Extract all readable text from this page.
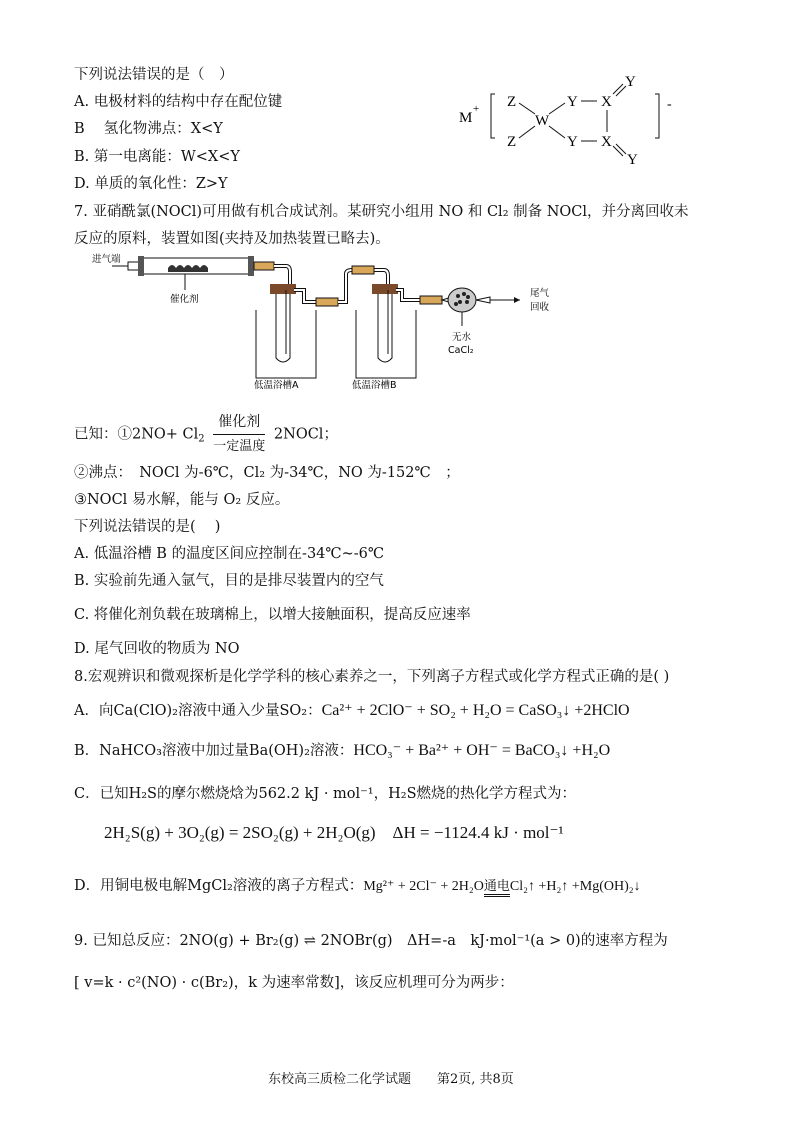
下列说法错误的是（　）
A. 电极材料的结构中存在配位键
B　 氢化物沸点：X<Y
B. 第一电离能：W<X<Y
D. 单质的氧化性：Z>Y
M
+	-
Z
Z
W
Y
Y
X
X
Y
Y
7. 亚硝酰氯(NOCl)可用做有机合成试剂。某研究小组用 NO 和 Cl₂ 制备 NOCl，并分离回收未
反应的原料，装置如图(夹持及加热装置已略去)。
进气端
催化剂
低温浴槽A	低温浴槽B
尾气
回收
无水
CaCl₂
已知：①2NO+ $Cl_2 \frac{\text{催化剂}}{\text{一定温度}}$ 2NOCl；
②沸点：　NOCl 为-6℃，Cl₂ 为-34℃，NO 为-152℃　；
③NOCl 易水解，能与 O₂ 反应。
下列说法错误的是(　 )
A. 低温浴槽 B 的温度区间应控制在-34℃~-6℃
B. 实验前先通入氩气，目的是排尽装置内的空气
C. 将催化剂负载在玻璃棉上，以增大接触面积，提高反应速率
D. 尾气回收的物质为 NO
8.宏观辨识和微观探析是化学学科的核心素养之一，下列离子方程式或化学方程式正确的是( )
A．向Ca(ClO)₂溶液中通入少量SO₂：Ca²⁺ + 2ClO⁻ + SO₂ + H₂O = CaSO₃↓ +2HClO
B．NaHCO₃溶液中加过量Ba(OH)₂溶液：HCO₃⁻ + Ba²⁺ + OH⁻ = BaCO₃↓ +H₂O
C．已知H₂S的摩尔燃烧焓为562.2 kJ · mol⁻¹，H₂S燃烧的热化学方程式为：
2H₂S(g) + 3O₂(g) = 2SO₂(g) + 2H₂O(g)　ΔH = −1124.4 kJ · mol⁻¹
D．用铜电极电解MgCl₂溶液的离子方程式：Mg²⁺ + 2Cl⁻ + 2H₂O 通电 Cl₂↑ +H₂↑ +Mg(OH)₂↓
9. 已知总反应：2NO(g) + Br₂(g) ⇌ 2NOBr(g)　ΔH=-a　kJ·mol⁻¹(a > 0)的速率方程为
[ v=k · c²(NO) · c(Br₂)，k 为速率常数]，该反应机理可分为两步：
东校高三质检二化学试题　　第2页, 共8页
